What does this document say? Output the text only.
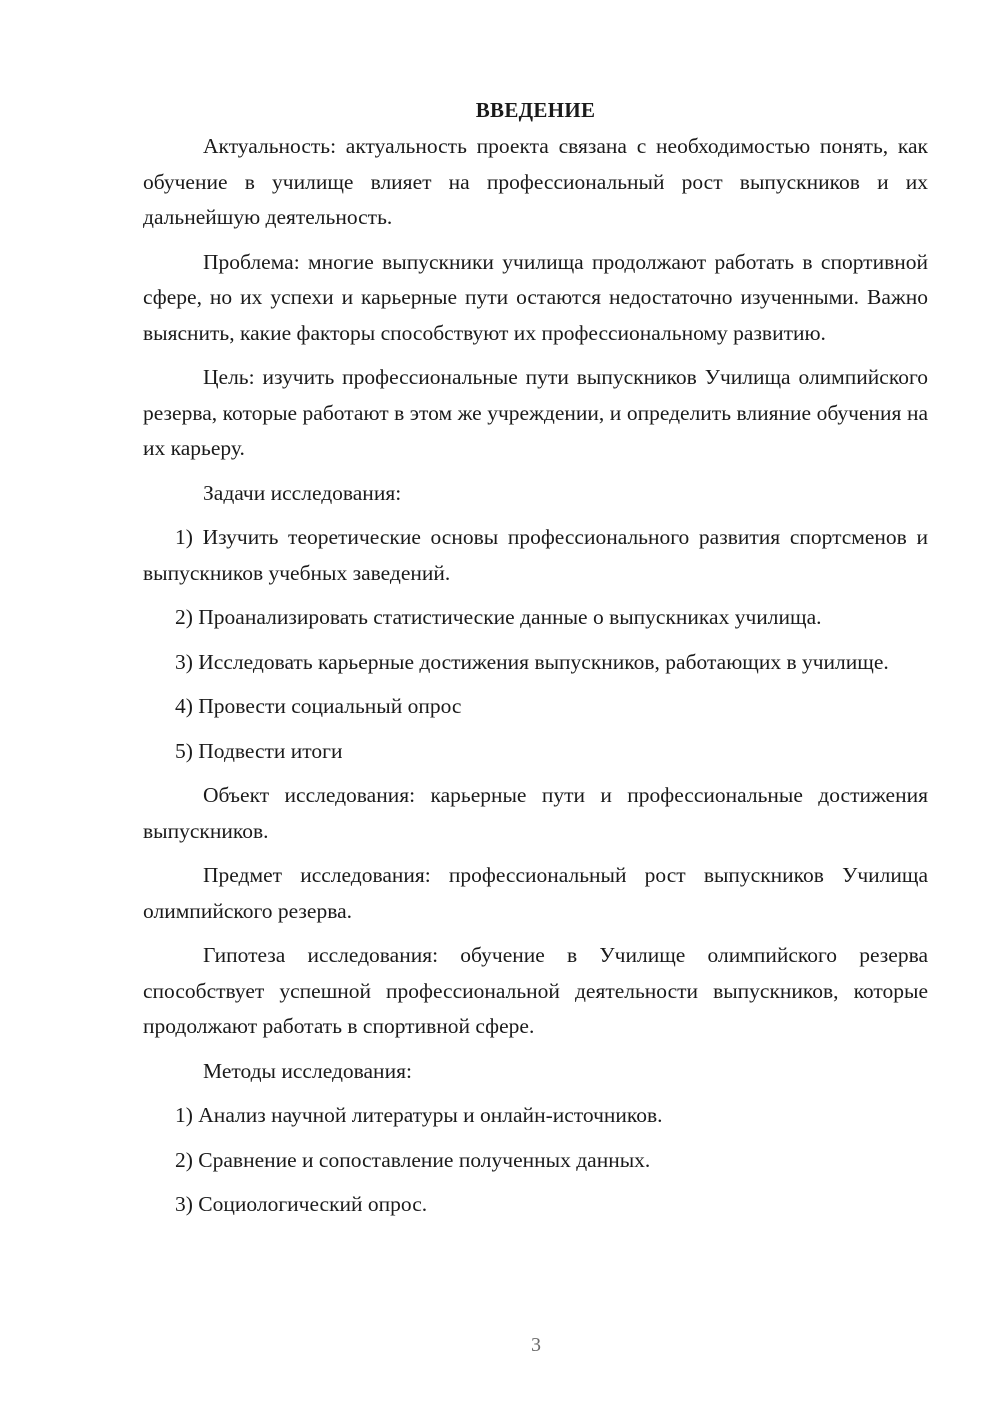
ВВЕДЕНИЕ

Актуальность: актуальность проекта связана с необходимостью понять, как обучение в училище влияет на профессиональный рост выпускников и их дальнейшую деятельность.

Проблема: многие выпускники училища продолжают работать в спортивной сфере, но их успехи и карьерные пути остаются недостаточно изученными. Важно выяснить, какие факторы способствуют их профессиональному развитию.

Цель: изучить профессиональные пути выпускников Училища олимпийского резерва, которые работают в этом же учреждении, и определить влияние обучения на их карьеру.

Задачи исследования:

1) Изучить теоретические основы профессионального развития спортсменов и выпускников учебных заведений.

2) Проанализировать статистические данные о выпускниках училища.

3) Исследовать карьерные достижения выпускников, работающих в училище.

4) Провести социальный опрос

5) Подвести итоги

Объект исследования: карьерные пути и профессиональные достижения выпускников.

Предмет исследования: профессиональный рост выпускников Училища олимпийского резерва.

Гипотеза исследования: обучение в Училище олимпийского резерва способствует успешной профессиональной деятельности выпускников, которые продолжают работать в спортивной сфере.

Методы исследования:

1) Анализ научной литературы и онлайн-источников.

2) Сравнение и сопоставление полученных данных.

3) Социологический опрос.

3
